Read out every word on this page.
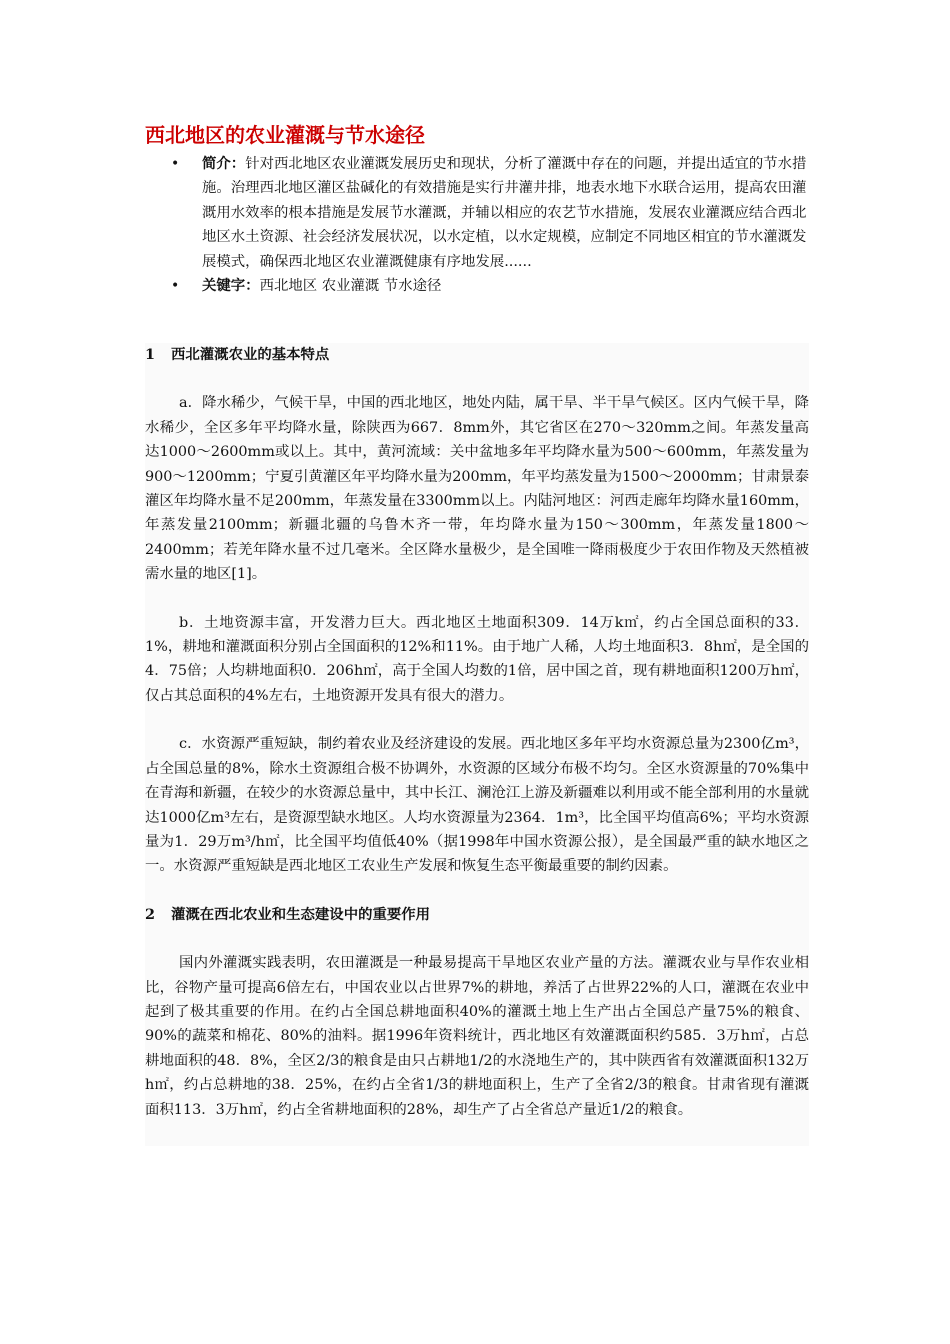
西北地区的农业灌溉与节水途径
• 简介：针对西北地区农业灌溉发展历史和现状，分析了灌溉中存在的问题，并提出适宜的节水措施。治理西北地区灌区盐碱化的有效措施是实行井灌井排，地表水地下水联合运用，提高农田灌溉用水效率的根本措施是发展节水灌溉，并辅以相应的农艺节水措施，发展农业灌溉应结合西北地区水土资源、社会经济发展状况，以水定植，以水定规模，应制定不同地区相宜的节水灌溉发展模式，确保西北地区农业灌溉健康有序地发展......
• 关键字：西北地区 农业灌溉 节水途径
1 西北灌溉农业的基本特点

a．降水稀少，气候干旱，中国的西北地区，地处内陆，属干旱、半干旱气候区。区内气候干旱，降水稀少，全区多年平均降水量，除陕西为667．8mm外，其它省区在270～320mm之间。年蒸发量高达1000～2600mm或以上。其中，黄河流域：关中盆地多年平均降水量为500～600mm，年蒸发量为900～1200mm；宁夏引黄灌区年平均降水量为200mm，年平均蒸发量为1500～2000mm；甘肃景泰灌区年均降水量不足200mm，年蒸发量在3300mm以上。内陆河地区：河西走廊年均降水量160mm，年蒸发量2100mm；新疆北疆的乌鲁木齐一带，年均降水量为150～300mm，年蒸发量1800～2400mm；若羌年降水量不过几毫米。全区降水量极少，是全国唯一降雨极度少于农田作物及天然植被需水量的地区[1]。

b．土地资源丰富，开发潜力巨大。西北地区土地面积309．14万k㎡，约占全国总面积的33．1%，耕地和灌溉面积分别占全国面积的12%和11%。由于地广人稀，人均土地面积3．8h㎡，是全国的4．75倍；人均耕地面积0．206h㎡，高于全国人均数的1倍，居中国之首，现有耕地面积1200万h㎡，仅占其总面积的4%左右，土地资源开发具有很大的潜力。

c．水资源严重短缺，制约着农业及经济建设的发展。西北地区多年平均水资源总量为2300亿m³，占全国总量的8%，除水土资源组合极不协调外，水资源的区域分布极不均匀。全区水资源量的70%集中在青海和新疆，在较少的水资源总量中，其中长江、澜沧江上游及新疆难以利用或不能全部利用的水量就达1000亿m³左右，是资源型缺水地区。人均水资源量为2364．1m³，比全国平均值高6%；平均水资源量为1．29万m³/h㎡，比全国平均值低40%（据1998年中国水资源公报），是全国最严重的缺水地区之一。水资源严重短缺是西北地区工农业生产发展和恢复生态平衡最重要的制约因素。

2 灌溉在西北农业和生态建设中的重要作用

国内外灌溉实践表明，农田灌溉是一种最易提高干旱地区农业产量的方法。灌溉农业与旱作农业相比，谷物产量可提高6倍左右，中国农业以占世界7%的耕地，养活了占世界22%的人口，灌溉在农业中起到了极其重要的作用。在约占全国总耕地面积40%的灌溉土地上生产出占全国总产量75%的粮食、90%的蔬菜和棉花、80%的油料。据1996年资料统计，西北地区有效灌溉面积约585．3万h㎡，占总耕地面积的48．8%，全区2/3的粮食是由只占耕地1/2的水浇地生产的，其中陕西省有效灌溉面积132万h㎡，约占总耕地的38．25%，在约占全省1/3的耕地面积上，生产了全省2/3的粮食。甘肃省现有灌溉面积113．3万h㎡，约占全省耕地面积的28%，却生产了占全省总产量近1/2的粮食。
